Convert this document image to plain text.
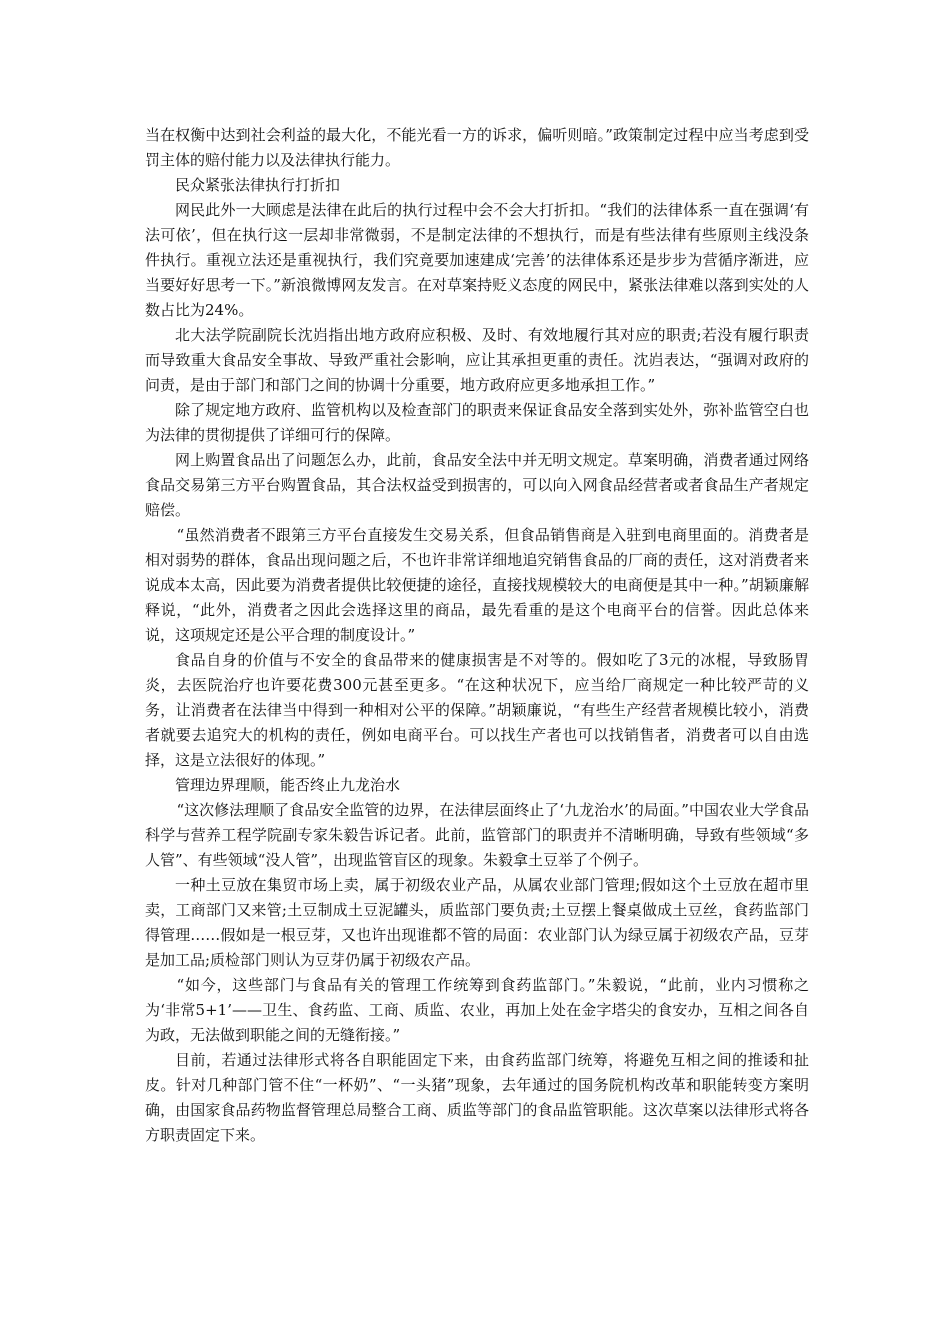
当在权衡中达到社会利益的最大化，不能光看一方的诉求，偏听则暗。”政策制定过程中应当考虑到受罚主体的赔付能力以及法律执行能力。

民众紧张法律执行打折扣

网民此外一大顾虑是法律在此后的执行过程中会不会大打折扣。“我们的法律体系一直在强调‘有法可依’，但在执行这一层却非常微弱，不是制定法律的不想执行，而是有些法律有些原则主线没条件执行。重视立法还是重视执行，我们究竟要加速建成‘完善’的法律体系还是步步为营循序渐进，应当要好好思考一下。”新浪微博网友发言。在对草案持贬义态度的网民中，紧张法律难以落到实处的人数占比为24%。

北大法学院副院长沈岿指出地方政府应积极、及时、有效地履行其对应的职责;若没有履行职责而导致重大食品安全事故、导致严重社会影响，应让其承担更重的责任。沈岿表达，“强调对政府的问责，是由于部门和部门之间的协调十分重要，地方政府应更多地承担工作。”

除了规定地方政府、监管机构以及检查部门的职责来保证食品安全落到实处外，弥补监管空白也为法律的贯彻提供了详细可行的保障。

网上购置食品出了问题怎么办，此前，食品安全法中并无明文规定。草案明确，消费者通过网络食品交易第三方平台购置食品，其合法权益受到损害的，可以向入网食品经营者或者食品生产者规定赔偿。

“虽然消费者不跟第三方平台直接发生交易关系，但食品销售商是入驻到电商里面的。消费者是相对弱势的群体，食品出现问题之后，不也许非常详细地追究销售食品的厂商的责任，这对消费者来说成本太高，因此要为消费者提供比较便捷的途径，直接找规模较大的电商便是其中一种。”胡颖廉解释说，“此外，消费者之因此会选择这里的商品，最先看重的是这个电商平台的信誉。因此总体来说，这项规定还是公平合理的制度设计。”

食品自身的价值与不安全的食品带来的健康损害是不对等的。假如吃了3元的冰棍，导致肠胃炎，去医院治疗也许要花费300元甚至更多。“在这种状况下，应当给厂商规定一种比较严苛的义务，让消费者在法律当中得到一种相对公平的保障。”胡颖廉说，“有些生产经营者规模比较小，消费者就要去追究大的机构的责任，例如电商平台。可以找生产者也可以找销售者，消费者可以自由选择，这是立法很好的体现。”

管理边界理顺，能否终止九龙治水

“这次修法理顺了食品安全监管的边界，在法律层面终止了‘九龙治水’的局面。”中国农业大学食品科学与营养工程学院副专家朱毅告诉记者。此前，监管部门的职责并不清晰明确，导致有些领域“多人管”、有些领域“没人管”，出现监管盲区的现象。朱毅拿土豆举了个例子。

一种土豆放在集贸市场上卖，属于初级农业产品，从属农业部门管理;假如这个土豆放在超市里卖，工商部门又来管;土豆制成土豆泥罐头，质监部门要负责;土豆摆上餐桌做成土豆丝，食药监部门得管理……假如是一根豆芽，又也许出现谁都不管的局面：农业部门认为绿豆属于初级农产品，豆芽是加工品;质检部门则认为豆芽仍属于初级农产品。

“如今，这些部门与食品有关的管理工作统筹到食药监部门。”朱毅说，“此前，业内习惯称之为‘非常5+1’——卫生、食药监、工商、质监、农业，再加上处在金字塔尖的食安办，互相之间各自为政，无法做到职能之间的无缝衔接。”

目前，若通过法律形式将各自职能固定下来，由食药监部门统筹，将避免互相之间的推诿和扯皮。针对几种部门管不住“一杯奶”、“一头猪”现象，去年通过的国务院机构改革和职能转变方案明确，由国家食品药物监督管理总局整合工商、质监等部门的食品监管职能。这次草案以法律形式将各方职责固定下来。
